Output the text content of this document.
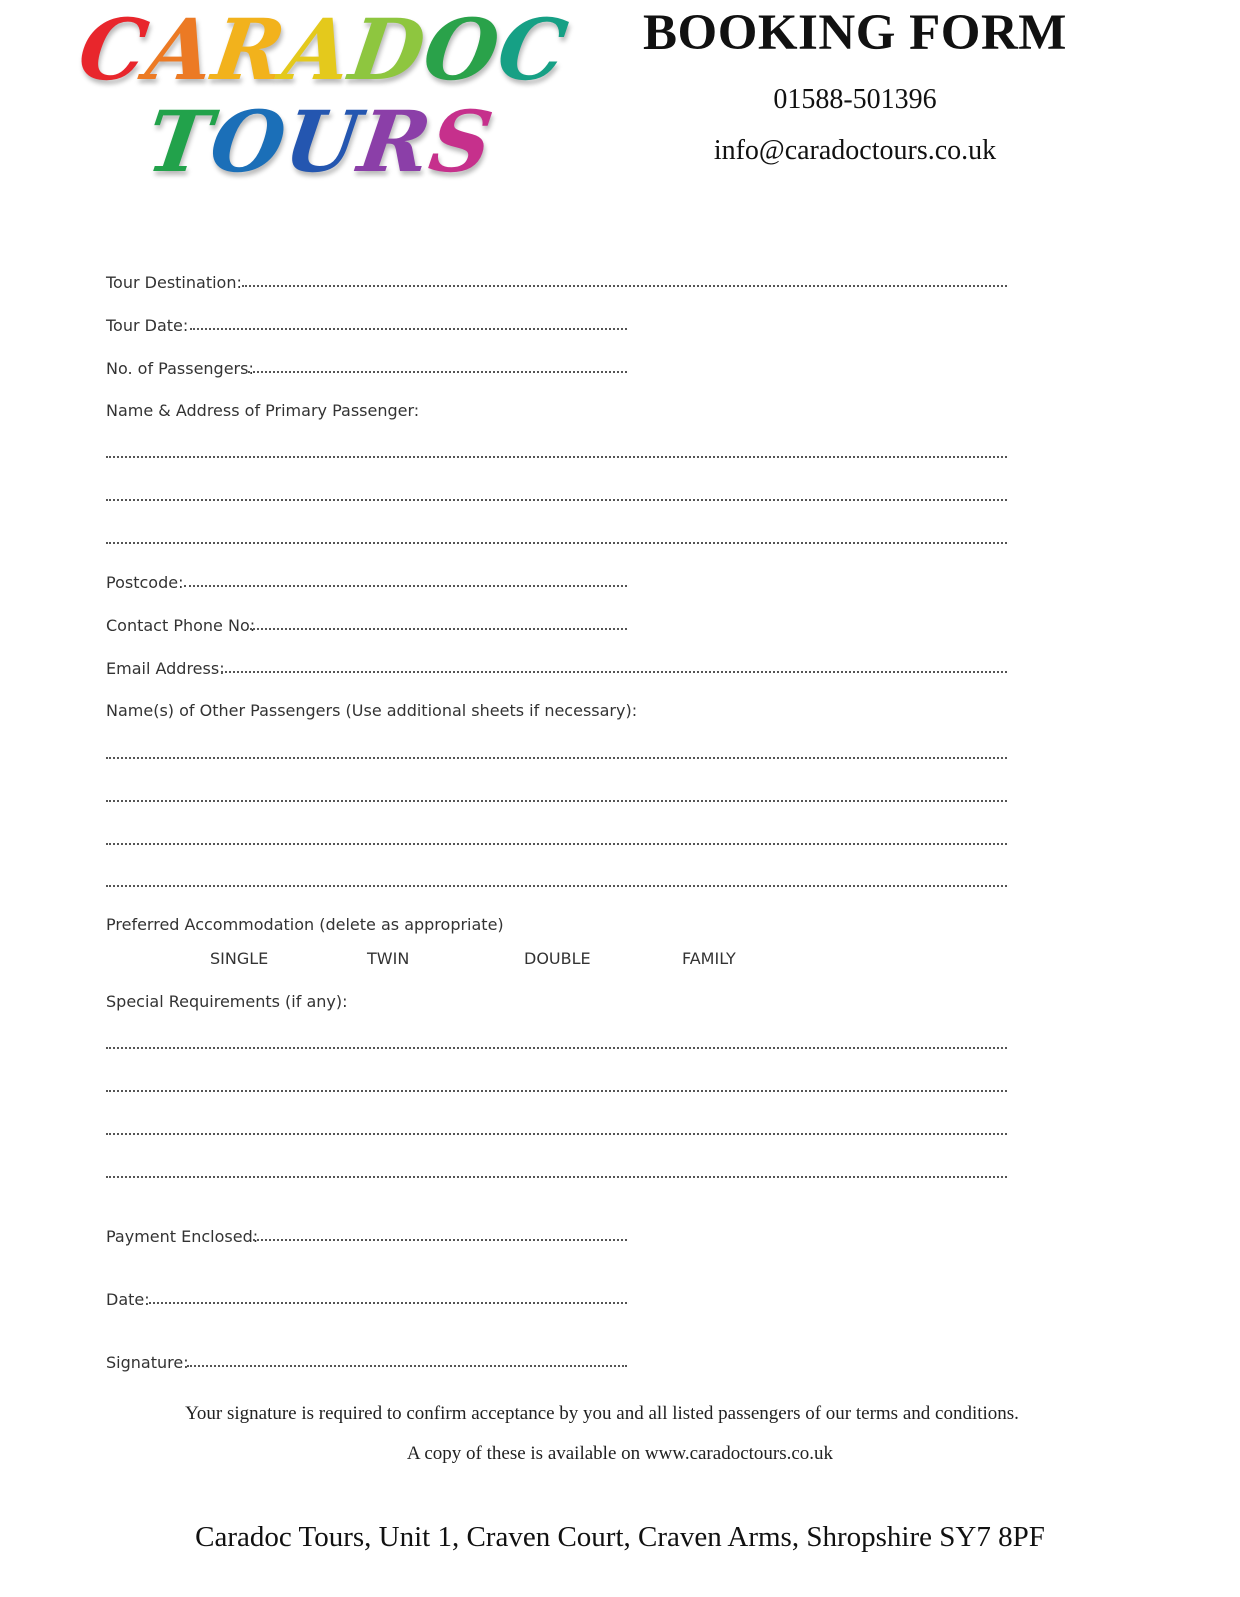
CARADOC
TOURS
BOOKING FORM
01588-501396
info@caradoctours.co.uk
Tour Destination:
Tour Date:
No. of Passengers:
Name & Address of Primary Passenger:
Postcode:
Contact Phone No:
Email Address:
Name(s) of Other Passengers (Use additional sheets if necessary):
Preferred Accommodation (delete as appropriate)
SINGLE	TWIN	DOUBLE	FAMILY
Special Requirements (if any):
Payment Enclosed:
Date:
Signature:
Your signature is required to confirm acceptance by you and all listed passengers of our terms and conditions.
A copy of these is available on www.caradoctours.co.uk
Caradoc Tours, Unit 1, Craven Court, Craven Arms, Shropshire SY7 8PF
